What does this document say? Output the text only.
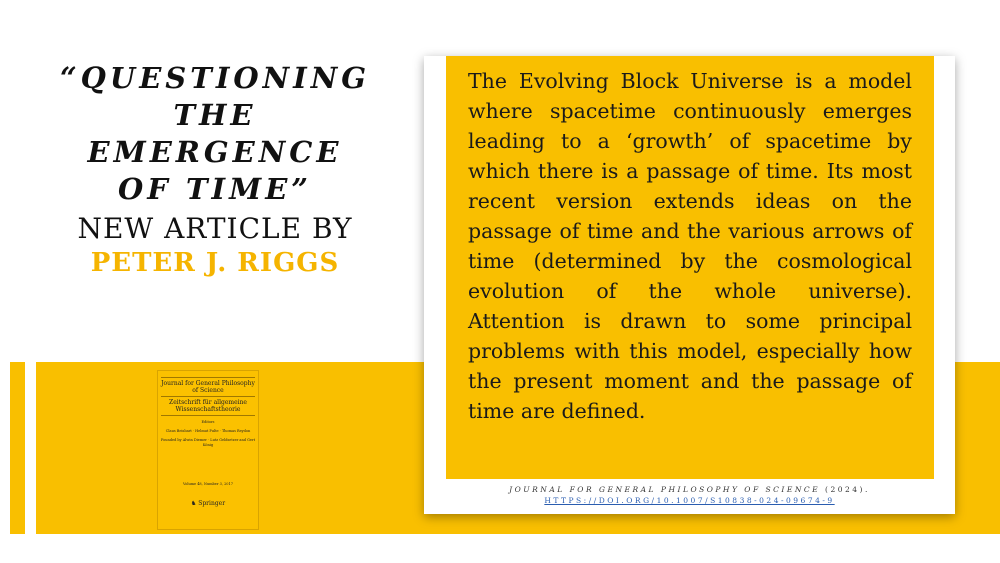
“QUESTIONING
THE
EMERGENCE
OF TIME”
NEW ARTICLE BY
PETER J. RIGGS
Journal for General Philosophy of Science
Zeitschrift für allgemeine Wissenschaftstheorie
Editors
Claus Beisbart · Helmut Pulte · Thomas Reydon
Founded by Alwin Diemer · Lutz Geldsetzer and Gert König
Volume 48, Number 3, 2017
♞ Springer

The Evolving Block Universe is a model where spacetime continuously emerges leading to a ‘growth’ of spacetime by which there is a passage of time. Its most recent version extends ideas on the passage of time and the various arrows of time (determined by the cosmological evolution of the whole universe). Attention is drawn to some principal problems with this model, especially how the present moment and the passage of time are defined.

JOURNAL FOR GENERAL PHILOSOPHY OF SCIENCE (2024).
HTTPS://DOI.ORG/10.1007/S10838-024-09674-9
